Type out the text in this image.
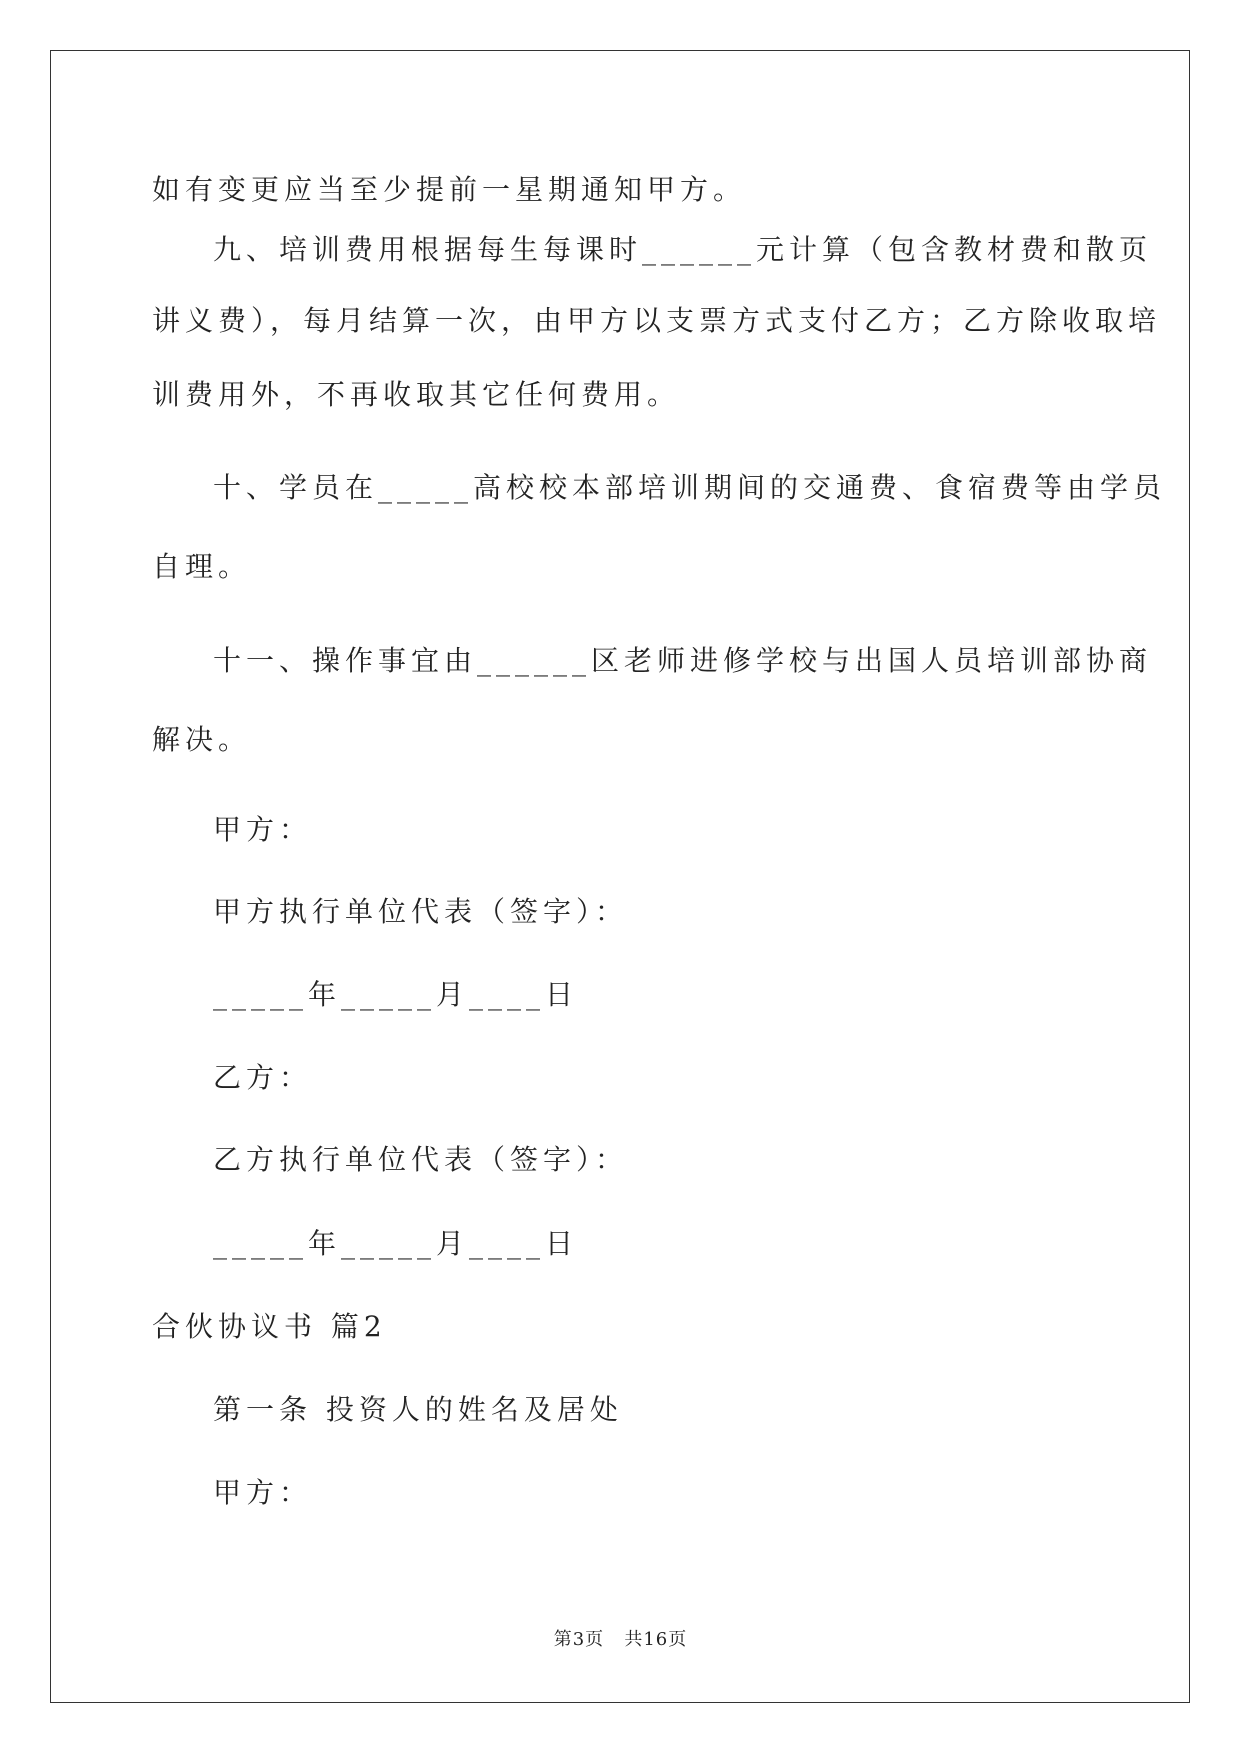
如有变更应当至少提前一星期通知甲方。
九、培训费用根据每生每课时______元计算（包含教材费和散页
讲义费），每月结算一次，由甲方以支票方式支付乙方；乙方除收取培
训费用外，不再收取其它任何费用。
十、学员在_____高校校本部培训期间的交通费、食宿费等由学员
自理。
十一、操作事宜由______区老师进修学校与出国人员培训部协商
解决。
甲方：
甲方执行单位代表（签字）：
_____年_____月____日
乙方：
乙方执行单位代表（签字）：
_____年_____月____日
合伙协议书 篇2
第一条 投资人的姓名及居处
甲方：
第3页   共16页
